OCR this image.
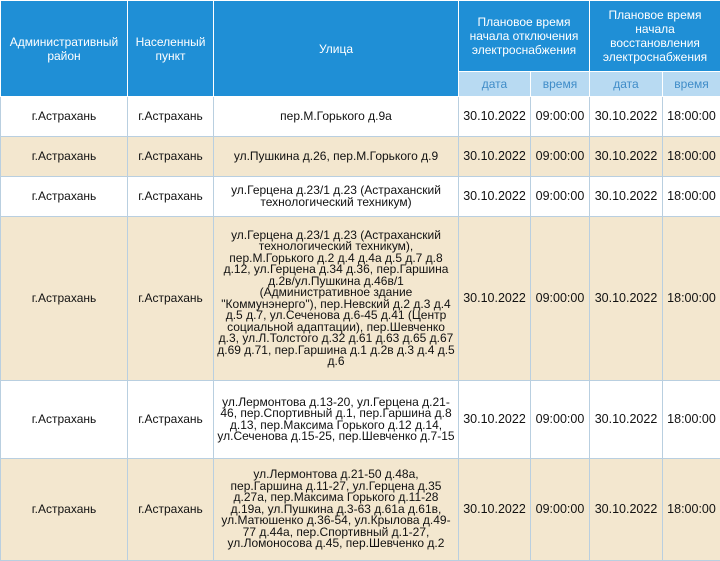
Административный район	Населенный пункт	Улица	Плановое время начала отключения электроснабжения		Плановое время начала восстановления электроснабжения	
			дата	время	дата	время
г.Астрахань	г.Астрахань	пер.М.Горького д.9а	30.10.2022	09:00:00	30.10.2022	18:00:00
г.Астрахань	г.Астрахань	ул.Пушкина д.26, пер.М.Горького д.9	30.10.2022	09:00:00	30.10.2022	18:00:00
г.Астрахань	г.Астрахань	ул.Герцена д.23/1 д.23 (Астраханский технологический техникум)	30.10.2022	09:00:00	30.10.2022	18:00:00
г.Астрахань	г.Астрахань	ул.Герцена д.23/1 д.23 (Астраханский технологический техникум), пер.М.Горького д.2 д.4 д.4а д.5 д.7 д.8 д.12, ул.Герцена д.34 д.36, пер.Гаршина д.2в/ул.Пушкина д.46в/1 (Административное здание "Коммунэнерго"), пер.Невский д.2 д.3 д.4 д.5 д.7, ул.Сеченова д.6-45 д.41 (Центр социальной адаптации), пер.Шевченко д.3, ул.Л.Толстого д.32 д.61 д.63 д.65 д.67 д.69 д.71, пер.Гаршина д.1 д.2в д.3 д.4 д.5 д.6	30.10.2022	09:00:00	30.10.2022	18:00:00
г.Астрахань	г.Астрахань	ул.Лермонтова д.13-20, ул.Герцена д.21-46, пер.Спортивный д.1, пер.Гаршина д.8 д.13, пер.Максима Горького д.12 д.14, ул.Сеченова д.15-25, пер.Шевченко д.7-15	30.10.2022	09:00:00	30.10.2022	18:00:00
г.Астрахань	г.Астрахань	ул.Лермонтова д.21-50 д.48а, пер.Гаршина д.11-27, ул.Герцена д.35 д.27а, пер.Максима Горького д.11-28 д.19а, ул.Пушкина д.3-63 д.61а д.61в, ул.Матюшенко д.36-54, ул.Крылова д.49-77 д.44а, пер.Спортивный д.1-27, ул.Ломоносова д.45, пер.Шевченко д.2	30.10.2022	09:00:00	30.10.2022	18:00:00
